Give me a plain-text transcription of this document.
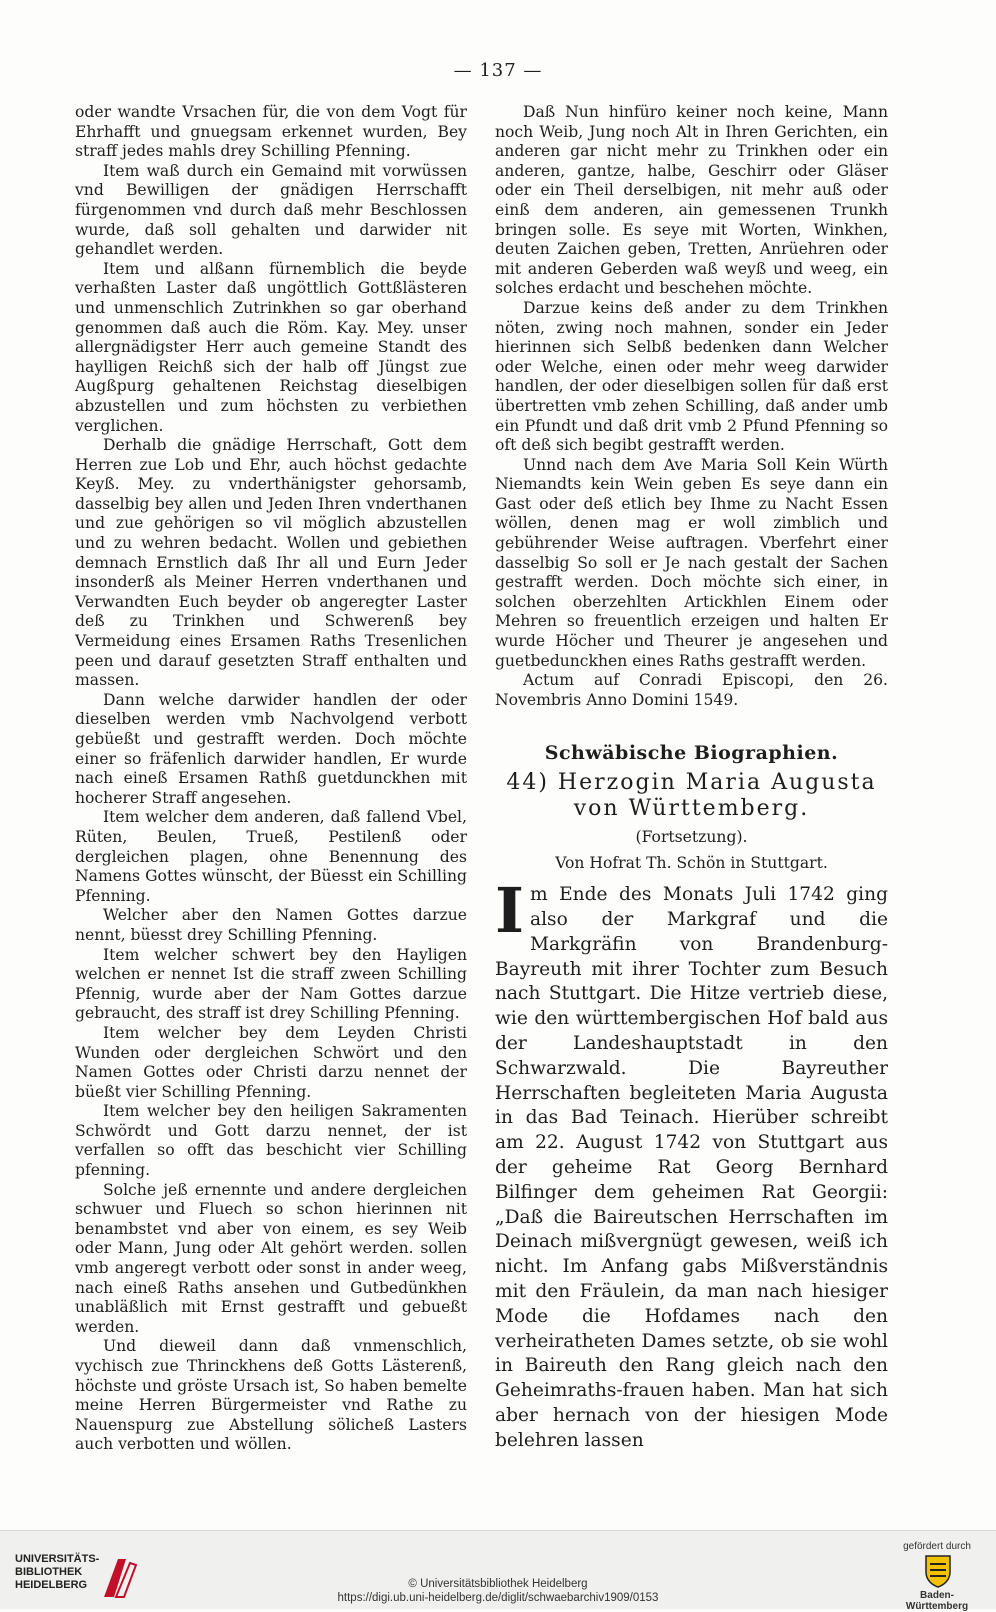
— 137 —

oder wandte Vrsachen für, die von dem Vogt für Ehrhafft und gnuegsam erkennet wurden, Bey straff jedes mahls drey Schilling Pfenning.

Item waß durch ein Gemaind mit vorwüssen vnd Bewilligen der gnädigen Herrschafft fürgenommen vnd durch daß mehr Beschlossen wurde, daß soll gehalten und darwider nit gehandlet werden.

Item und alßann fürnemblich die beyde verhaßten Laster daß ungöttlich Gottßlästeren und unmenschlich Zutrinkhen so gar oberhand genommen daß auch die Röm. Kay. Mey. unser allergnädigster Herr auch gemeine Standt des haylligen Reichß sich der halb off Jüngst zue Augßpurg gehaltenen Reichstag dieselbigen abzustellen und zum höchsten zu verbiethen verglichen.

Derhalb die gnädige Herrschaft, Gott dem Herren zue Lob und Ehr, auch höchst gedachte Keyß. Mey. zu vnderthänigster gehorsamb, dasselbig bey allen und Jeden Ihren vnderthanen und zue gehörigen so vil möglich abzustellen und zu wehren bedacht. Wollen und gebiethen demnach Ernstlich daß Ihr all und Eurn Jeder insonderß als Meiner Herren vnderthanen und Verwandten Euch beyder ob angeregter Laster deß zu Trinkhen und Schwerenß bey Vermeidung eines Ersamen Raths Tresenlichen peen und darauf gesetzten Straff enthalten und massen.

Dann welche darwider handlen der oder dieselben werden vmb Nachvolgend verbott gebüeßt und gestrafft werden. Doch möchte einer so fräfenlich darwider handlen, Er wurde nach eineß Ersamen Rathß guetdunckhen mit hocherer Straff angesehen.

Item welcher dem anderen, daß fallend Vbel, Rüten, Beulen, Trueß, Pestilenß oder dergleichen plagen, ohne Benennung des Namens Gottes wünscht, der Büesst ein Schilling Pfenning.

Welcher aber den Namen Gottes darzue nennt, büesst drey Schilling Pfenning.

Item welcher schwert bey den Hayligen welchen er nennet Ist die straff zween Schilling Pfennig, wurde aber der Nam Gottes darzue gebraucht, des straff ist drey Schilling Pfenning.

Item welcher bey dem Leyden Christi Wunden oder dergleichen Schwört und den Namen Gottes oder Christi darzu nennet der büeßt vier Schilling Pfenning.

Item welcher bey den heiligen Sakramenten Schwördt und Gott darzu nennet, der ist verfallen so offt das beschicht vier Schilling pfenning.

Solche jeß ernennte und andere dergleichen schwuer und Fluech so schon hierinnen nit benambstet vnd aber von einem, es sey Weib oder Mann, Jung oder Alt gehört werden. sollen vmb angeregt verbott oder sonst in ander weeg, nach eineß Raths ansehen und Gutbedünkhen unabläßlich mit Ernst gestrafft und gebueßt werden.

Und dieweil dann daß vnmenschlich, vychisch zue Thrinckhens deß Gotts Lästerenß, höchste und gröste Ursach ist, So haben bemelte meine Herren Bürgermeister vnd Rathe zu Nauenspurg zue Abstellung sölicheß Lasters auch verbotten und wöllen.

Daß Nun hinfüro keiner noch keine, Mann noch Weib, Jung noch Alt in Ihren Gerichten, ein anderen gar nicht mehr zu Trinkhen oder ein anderen, gantze, halbe, Geschirr oder Gläser oder ein Theil derselbigen, nit mehr auß oder einß dem anderen, ain gemessenen Trunkh bringen solle. Es seye mit Worten, Winkhen, deuten Zaichen geben, Tretten, Anrüehren oder mit anderen Geberden waß weyß und weeg, ein solches erdacht und beschehen möchte.

Darzue keins deß ander zu dem Trinkhen nöten, zwing noch mahnen, sonder ein Jeder hierinnen sich Selbß bedenken dann Welcher oder Welche, einen oder mehr weeg darwider handlen, der oder dieselbigen sollen für daß erst übertretten vmb zehen Schilling, daß ander umb ein Pfundt und daß drit vmb 2 Pfund Pfenning so oft deß sich begibt gestrafft werden.

Unnd nach dem Ave Maria Soll Kein Würth Niemandts kein Wein geben Es seye dann ein Gast oder deß etlich bey Ihme zu Nacht Essen wöllen, denen mag er woll zimblich und gebührender Weise auftragen. Vberfehrt einer dasselbig So soll er Je nach gestalt der Sachen gestrafft werden. Doch möchte sich einer, in solchen oberzehlten Artickhlen Einem oder Mehren so freuentlich erzeigen und halten Er wurde Höcher und Theurer je angesehen und guetbedunckhen eines Raths gestrafft werden.

Actum auf Conradi Episcopi, den 26. Novembris Anno Domini 1549.

Schwäbische Biographien.
44) Herzogin Maria Augusta von Württemberg.
(Fortsetzung).
Von Hofrat Th. Schön in Stuttgart.
Im Ende des Monats Juli 1742 ging also der Markgraf und die Markgräfin von Brandenburg-Bayreuth mit ihrer Tochter zum Besuch nach Stuttgart. Die Hitze vertrieb diese, wie den württembergischen Hof bald aus der Landeshauptstadt in den Schwarzwald. Die Bayreuther Herrschaften begleiteten Maria Augusta in das Bad Teinach. Hierüber schreibt am 22. August 1742 von Stuttgart aus der geheime Rat Georg Bernhard Bilfinger dem geheimen Rat Georgii: „Daß die Baireutschen Herrschaften im Deinach mißvergnügt gewesen, weiß ich nicht. Im Anfang gabs Mißverständnis mit den Fräulein, da man nach hiesiger Mode die Hofdames nach den verheiratheten Dames setzte, ob sie wohl in Baireuth den Rang gleich nach den Geheimraths-frauen haben. Man hat sich aber hernach von der hiesigen Mode belehren lassen
UNIVERSITÄTS-
BIBLIOTHEK
HEIDELBERG	© Universitätsbibliothek Heidelberg
https://digi.ub.uni-heidelberg.de/diglit/schwaebarchiv1909/0153
gefördert durch
Baden-Württemberg
